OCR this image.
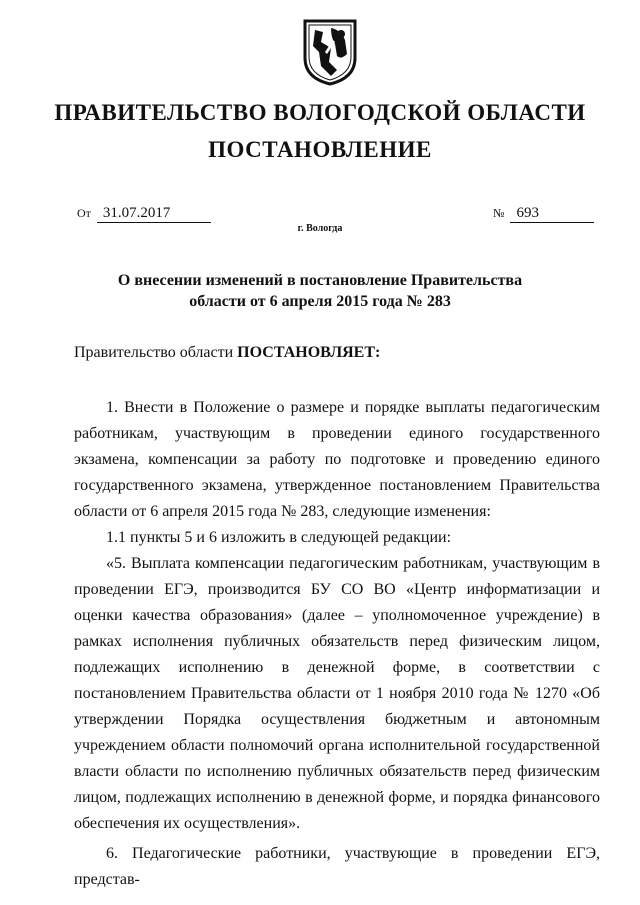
ПРАВИТЕЛЬСТВО ВОЛОГОДСКОЙ ОБЛАСТИ
ПОСТАНОВЛЕНИЕ
От 31.07.2017	№ 693
г. Вологда
О внесении изменений в постановление Правительства
области от 6 апреля 2015 года № 283
Правительство области ПОСТАНОВЛЯЕТ:

1. Внести в Положение о размере и порядке выплаты педагогическим работникам, участвующим в проведении единого государственного экзамена, компенсации за работу по подготовке и проведению единого государственного экзамена, утвержденное постановлением Правительства области от 6 апреля 2015 года № 283, следующие изменения:

1.1 пункты 5 и 6 изложить в следующей редакции:

«5. Выплата компенсации педагогическим работникам, участвующим в проведении ЕГЭ, производится БУ СО ВО «Центр информатизации и оценки качества образования» (далее – уполномоченное учреждение) в рамках исполнения публичных обязательств перед физическим лицом, подлежащих исполнению в денежной форме, в соответствии с постановлением Правительства области от 1 ноября 2010 года № 1270 «Об утверждении Порядка осуществления бюджетным и автономным учреждением области полномочий органа исполнительной государственной власти области по исполнению публичных обязательств перед физическим лицом, подлежащих исполнению в денежной форме, и порядка финансового обеспечения их осуществления».

6. Педагогические работники, участвующие в проведении ЕГЭ, представ-
